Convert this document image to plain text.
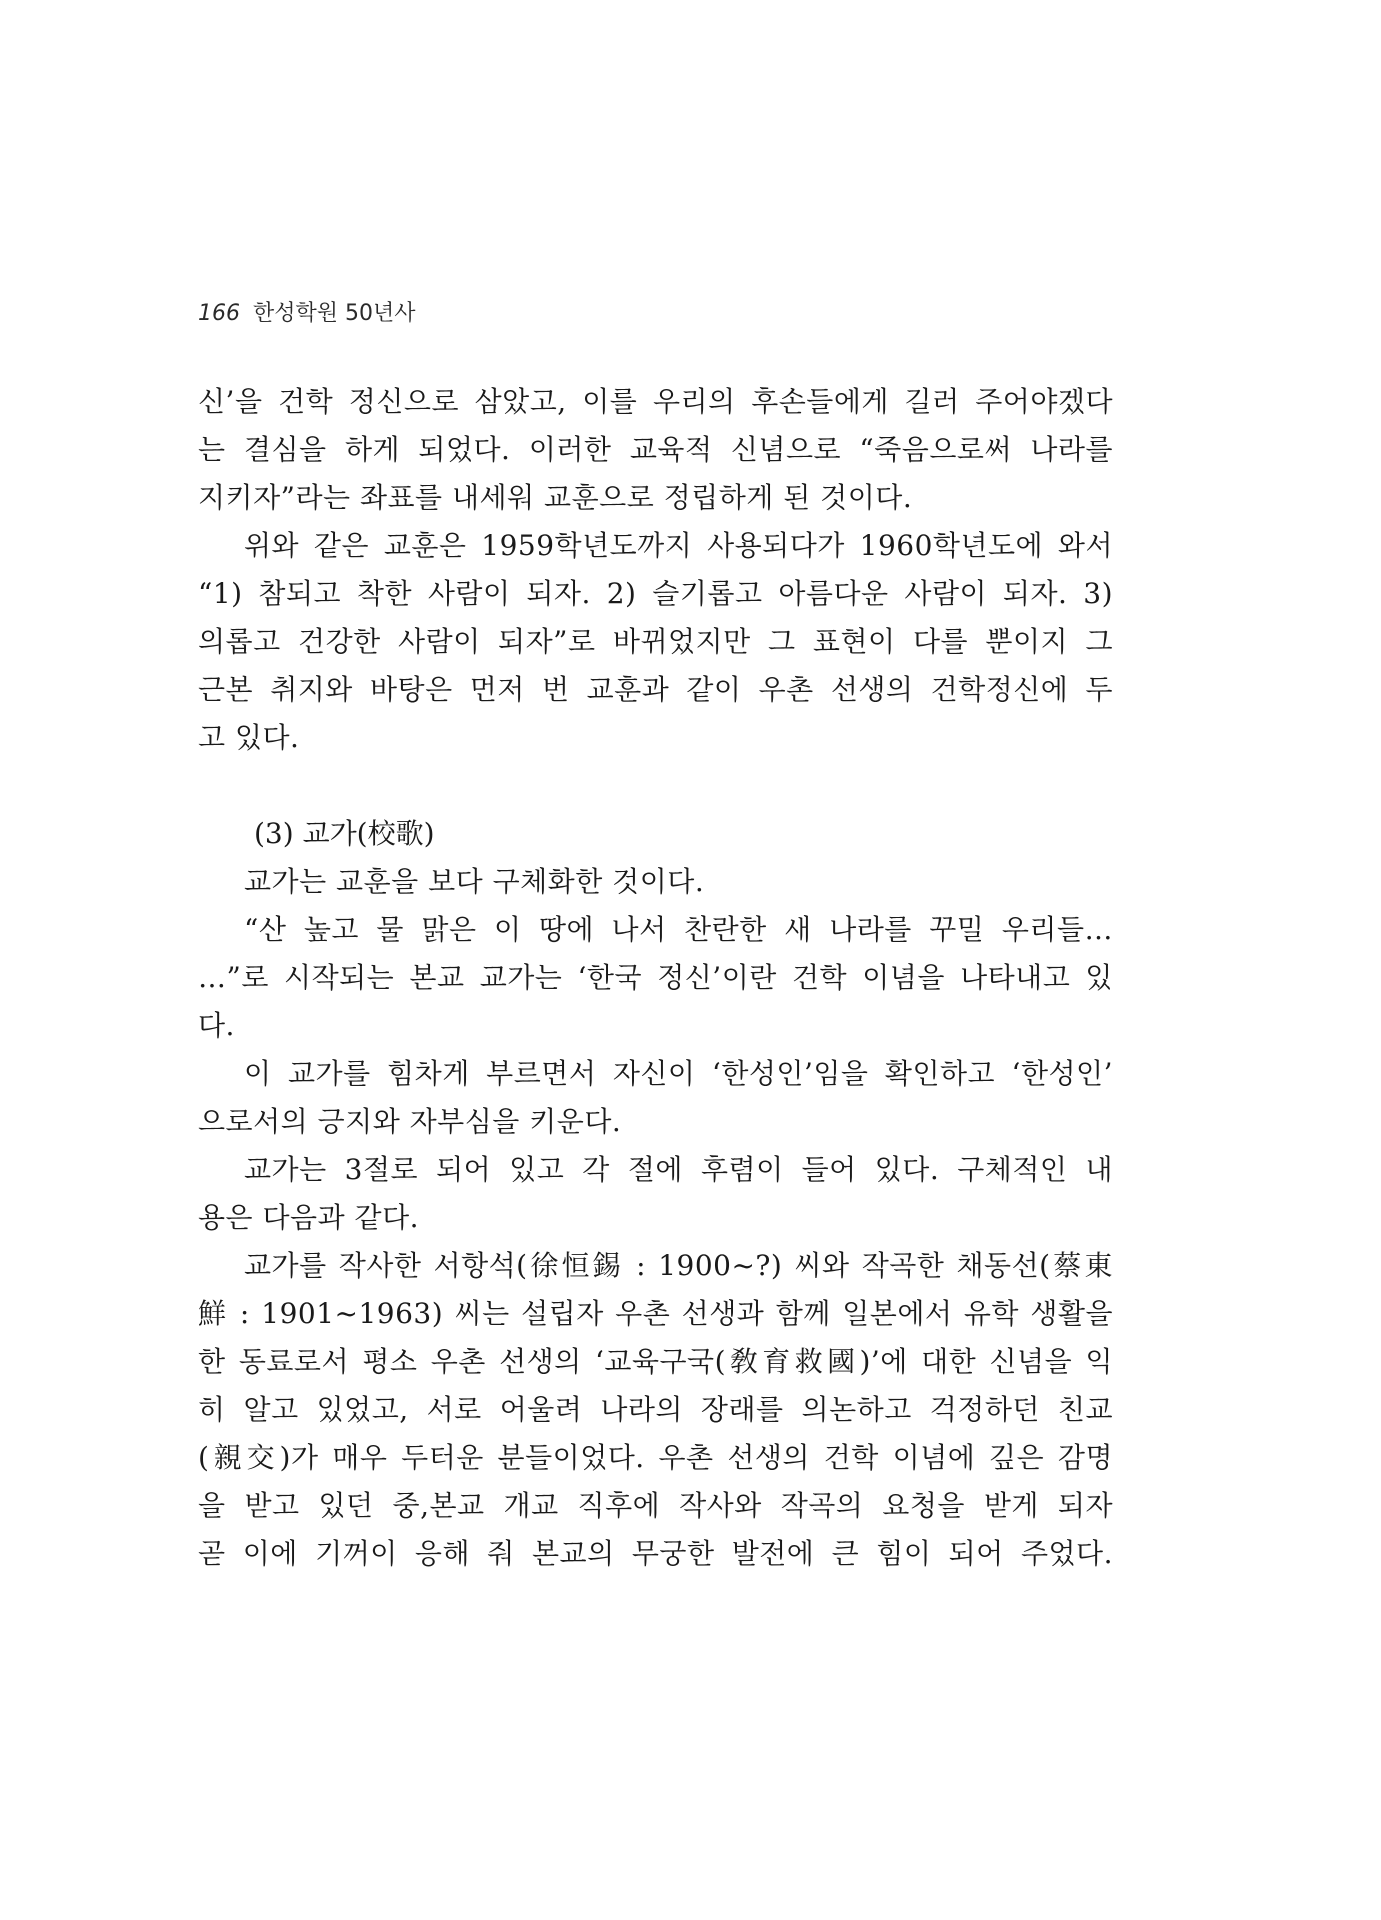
166 한성학원 50년사
신’을 건학 정신으로 삼았고, 이를 우리의 후손들에게 길러 주어야겠다
는 결심을 하게 되었다. 이러한 교육적 신념으로 “죽음으로써 나라를
지키자”라는 좌표를 내세워 교훈으로 정립하게 된 것이다.
위와 같은 교훈은 1959학년도까지 사용되다가 1960학년도에 와서
“1) 참되고 착한 사람이 되자. 2) 슬기롭고 아름다운 사람이 되자. 3)
의롭고 건강한 사람이 되자”로 바뀌었지만 그 표현이 다를 뿐이지 그
근본 취지와 바탕은 먼저 번 교훈과 같이 우촌 선생의 건학정신에 두
고 있다.
(3) 교가(校歌)
교가는 교훈을 보다 구체화한 것이다.
“산 높고 물 맑은 이 땅에 나서 찬란한 새 나라를 꾸밀 우리들…
…”로 시작되는 본교 교가는 ‘한국 정신’이란 건학 이념을 나타내고 있
다.
이 교가를 힘차게 부르면서 자신이 ‘한성인’임을 확인하고 ‘한성인’
으로서의 긍지와 자부심을 키운다.
교가는 3절로 되어 있고 각 절에 후렴이 들어 있다. 구체적인 내
용은 다음과 같다.
교가를 작사한 서항석(徐恒錫 : 1900~?) 씨와 작곡한 채동선(蔡東
鮮 : 1901~1963) 씨는 설립자 우촌 선생과 함께 일본에서 유학 생활을
한 동료로서 평소 우촌 선생의 ‘교육구국(敎育救國)’에 대한 신념을 익
히 알고 있었고, 서로 어울려 나라의 장래를 의논하고 걱정하던 친교
(親交)가 매우 두터운 분들이었다. 우촌 선생의 건학 이념에 깊은 감명
을 받고 있던 중,본교 개교 직후에 작사와 작곡의 요청을 받게 되자
곧 이에 기꺼이 응해 줘 본교의 무궁한 발전에 큰 힘이 되어 주었다.
